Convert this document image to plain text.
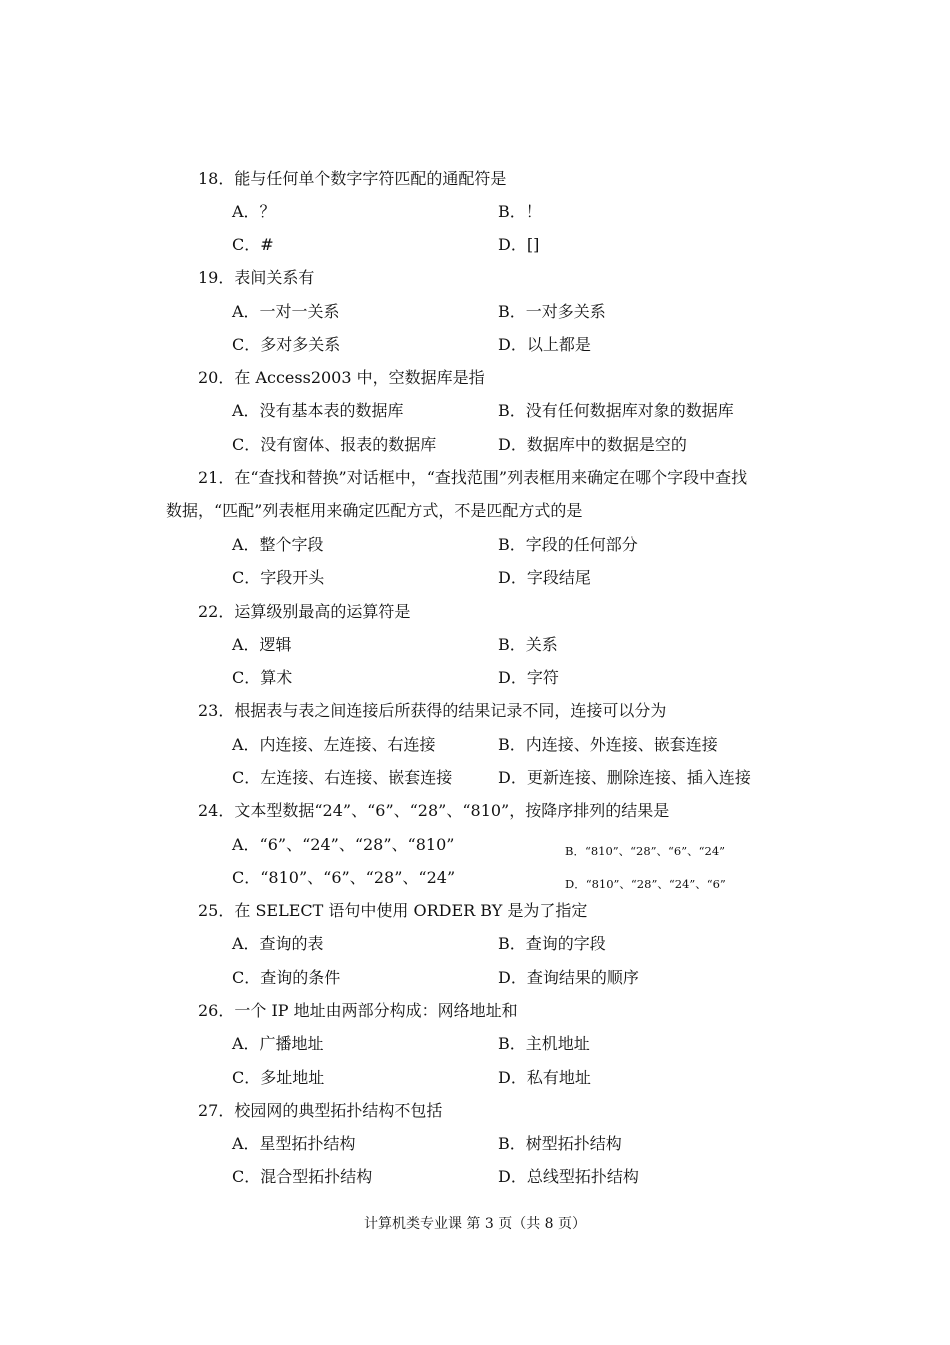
18．能与任何单个数字字符匹配的通配符是
A．？	B．！
C．#	D．[]
19．表间关系有
A．一对一关系	B．一对多关系
C．多对多关系	D．以上都是
20．在 Access2003 中，空数据库是指
A．没有基本表的数据库	B．没有任何数据库对象的数据库
C．没有窗体、报表的数据库	D．数据库中的数据是空的
21．在“查找和替换”对话框中，“查找范围”列表框用来确定在哪个字段中查找
数据，“匹配”列表框用来确定匹配方式，不是匹配方式的是
A．整个字段	B．字段的任何部分
C．字段开头	D．字段结尾
22．运算级别最高的运算符是
A．逻辑	B．关系
C．算术	D．字符
23．根据表与表之间连接后所获得的结果记录不同，连接可以分为
A．内连接、左连接、右连接	B．内连接、外连接、嵌套连接
C．左连接、右连接、嵌套连接	D．更新连接、删除连接、插入连接
24．文本型数据“24”、“6”、“28”、“810”，按降序排列的结果是
A．“6”、“24”、“28”、“810”	B．“810”、“28”、“6”、“24”
C．“810”、“6”、“28”、“24”	D．“810”、“28”、“24”、“6”
25．在 SELECT 语句中使用 ORDER BY 是为了指定
A．查询的表	B．查询的字段
C．查询的条件	D．查询结果的顺序
26．一个 IP 地址由两部分构成：网络地址和
A．广播地址	B．主机地址
C．多址地址	D．私有地址
27．校园网的典型拓扑结构不包括
A．星型拓扑结构	B．树型拓扑结构
C．混合型拓扑结构	D．总线型拓扑结构
计算机类专业课 第 3 页（共 8 页）
